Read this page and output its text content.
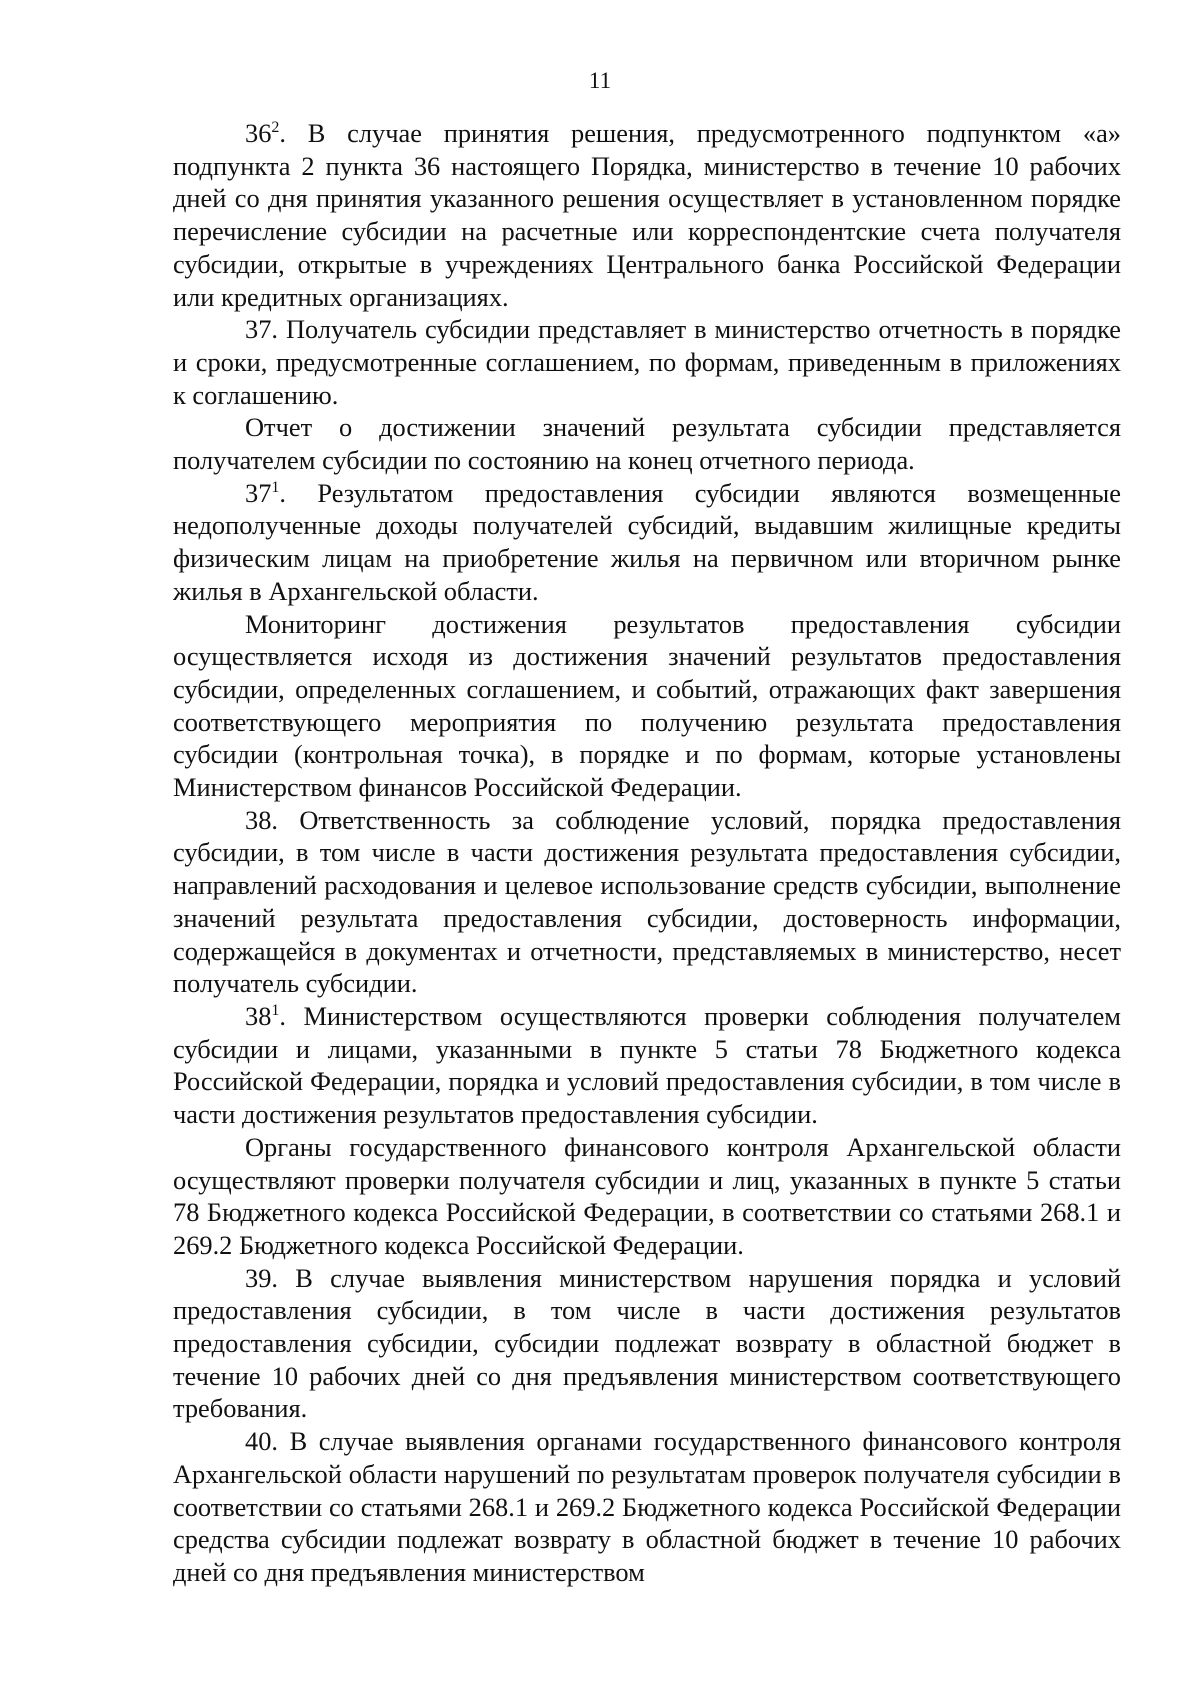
11

$36^2$. В случае принятия решения, предусмотренного подпунктом «а» подпункта 2 пункта 36 настоящего Порядка, министерство в течение 10 рабочих дней со дня принятия указанного решения осуществляет в установленном порядке перечисление субсидии на расчетные или корреспондентские счета получателя субсидии, открытые в учреждениях Центрального банка Российской Федерации или кредитных организациях.

37. Получатель субсидии представляет в министерство отчетность в порядке и сроки, предусмотренные соглашением, по формам, приведенным в приложениях к соглашению.

Отчет о достижении значений результата субсидии представляется получателем субсидии по состоянию на конец отчетного периода.

$37^1$. Результатом предоставления субсидии являются возмещенные недополученные доходы получателей субсидий, выдавшим жилищные кредиты физическим лицам на приобретение жилья на первичном или вторичном рынке жилья в Архангельской области.

Мониторинг достижения результатов предоставления субсидии осуществляется исходя из достижения значений результатов предоставления субсидии, определенных соглашением, и событий, отражающих факт завершения соответствующего мероприятия по получению результата предоставления субсидии (контрольная точка), в порядке и по формам, которые установлены Министерством финансов Российской Федерации.

38. Ответственность за соблюдение условий, порядка предоставления субсидии, в том числе в части достижения результата предоставления субсидии, направлений расходования и целевое использование средств субсидии, выполнение значений результата предоставления субсидии, достоверность информации, содержащейся в документах и отчетности, представляемых в министерство, несет получатель субсидии.

$38^1$. Министерством осуществляются проверки соблюдения получателем субсидии и лицами, указанными в пункте 5 статьи 78 Бюджетного кодекса Российской Федерации, порядка и условий предоставления субсидии, в том числе в части достижения результатов предоставления субсидии.

Органы государственного финансового контроля Архангельской области осуществляют проверки получателя субсидии и лиц, указанных в пункте 5 статьи 78 Бюджетного кодекса Российской Федерации, в соответствии со статьями 268.1 и 269.2 Бюджетного кодекса Российской Федерации.

39. В случае выявления министерством нарушения порядка и условий предоставления субсидии, в том числе в части достижения результатов предоставления субсидии, субсидии подлежат возврату в областной бюджет в течение 10 рабочих дней со дня предъявления министерством соответствующего требования.

40. В случае выявления органами государственного финансового контроля Архангельской области нарушений по результатам проверок получателя субсидии в соответствии со статьями 268.1 и 269.2 Бюджетного кодекса Российской Федерации средства субсидии подлежат возврату в областной бюджет в течение 10 рабочих дней со дня предъявления министерством
